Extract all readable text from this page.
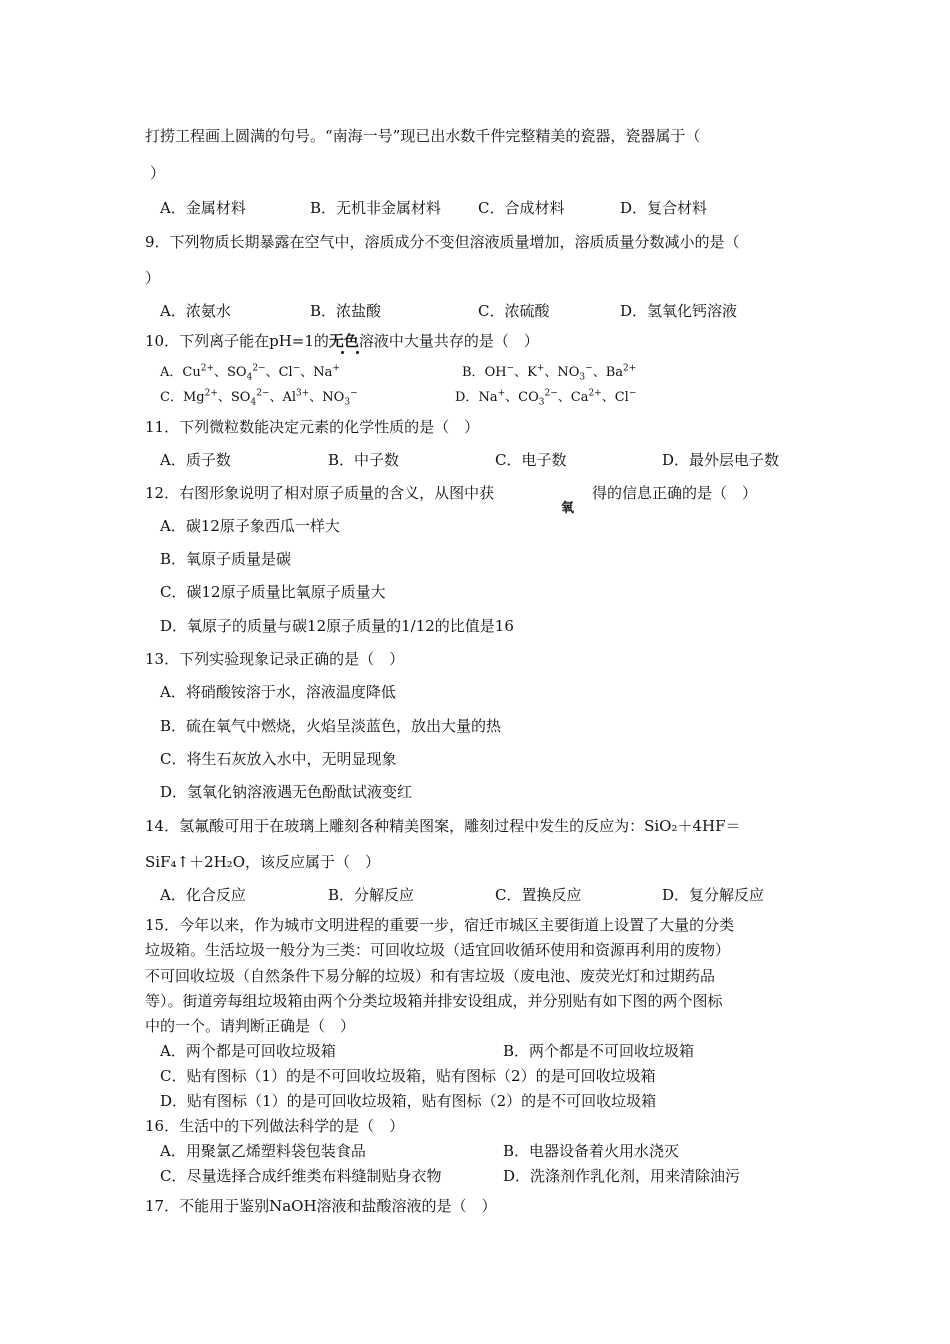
打捞工程画上圆满的句号。“南海一号”现已出水数千件完整精美的瓷器，瓷器属于（
）
A．金属材料	B．无机非金属材料 C．合成材料	D．复合材料
9．下列物质长期暴露在空气中，溶质成分不变但溶液质量增加，溶质质量分数减小的是（
）
A．浓氨水	B．浓盐酸	C．浓硫酸	D．氢氧化钙溶液
10．下列离子能在pH=1的无色溶液中大量共存的是（　）
A．$Cu^{2+}$、$SO_4^{2-}$、Cl−、Na+	B．OH−、K+、$NO_3^-$、$Ba^{2+}$
C．$Mg^{2+}$、$SO_4^{2-}$、$Al^{3+}$、$NO_3^-$	D．Na+、$CO_3^{2-}$、$Ca^{2+}$、Cl−
11．下列微粒数能决定元素的化学性质的是（　）
A．质子数	B．中子数	C．电子数	D．最外层电子数
12．右图形象说明了相对原子质量的含义，从图中获
氧
得的信息正确的是（　）
A．碳12原子象西瓜一样大
B．氧原子质量是碳
C．碳12原子质量比氧原子质量大
D．氧原子的质量与碳12原子质量的1/12的比值是16
13．下列实验现象记录正确的是（　）
A．将硝酸铵溶于水，溶液温度降低
B．硫在氧气中燃烧，火焰呈淡蓝色，放出大量的热
C．将生石灰放入水中，无明显现象
D．氢氧化钠溶液遇无色酚酞试液变红
14．氢氟酸可用于在玻璃上雕刻各种精美图案，雕刻过程中发生的反应为：SiO₂＋4HF＝
SiF₄↑＋2H₂O，该反应属于（　）
A．化合反应	B．分解反应	C．置换反应	D．复分解反应
15．今年以来，作为城市文明进程的重要一步，宿迁市城区主要街道上设置了大量的分类
垃圾箱。生活垃圾一般分为三类：可回收垃圾（适宜回收循环使用和资源再利用的废物）
不可回收垃圾（自然条件下易分解的垃圾）和有害垃圾（废电池、废荧光灯和过期药品
等）。街道旁每组垃圾箱由两个分类垃圾箱并排安设组成，并分别贴有如下图的两个图标
中的一个。请判断正确是（　）
A．两个都是可回收垃圾箱	B．两个都是不可回收垃圾箱
C．贴有图标（1）的是不可回收垃圾箱，贴有图标（2）的是可回收垃圾箱
D．贴有图标（1）的是可回收垃圾箱，贴有图标（2）的是不可回收垃圾箱
16．生活中的下列做法科学的是（　）
A．用聚氯乙烯塑料袋包装食品	B．电器设备着火用水浇灭
C．尽量选择合成纤维类布料缝制贴身衣物	D．洗涤剂作乳化剂，用来清除油污
17．不能用于鉴别NaOH溶液和盐酸溶液的是（　）
